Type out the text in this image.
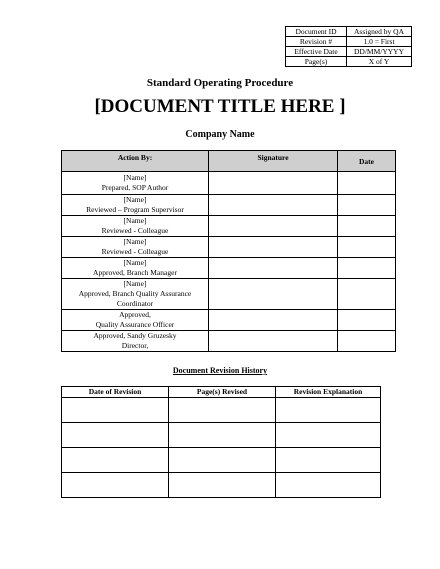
Document ID	Assigned by QA
Revision #	1.0 = First
Effective Date	DD/MM/YYYY
Page(s)	X of Y
Standard Operating Procedure
[DOCUMENT TITLE HERE ]
Company Name
Action By:	Signature	Date

[Name]
Prepared, SOP Author		

[Name]
Reviewed – Program Supervisor		

[Name]
Reviewed - Colleague		

[Name]
Reviewed - Colleague		

[Name]
Approved, Branch Manager		

[Name]
Approved, Branch Quality Assurance
Coordinator		

Approved,
Quality Assurance Officer		

Approved, Sandy Gruzesky
Director,		

Document Revision History
Date of Revision	Page(s) Revised	Revision Explanation
